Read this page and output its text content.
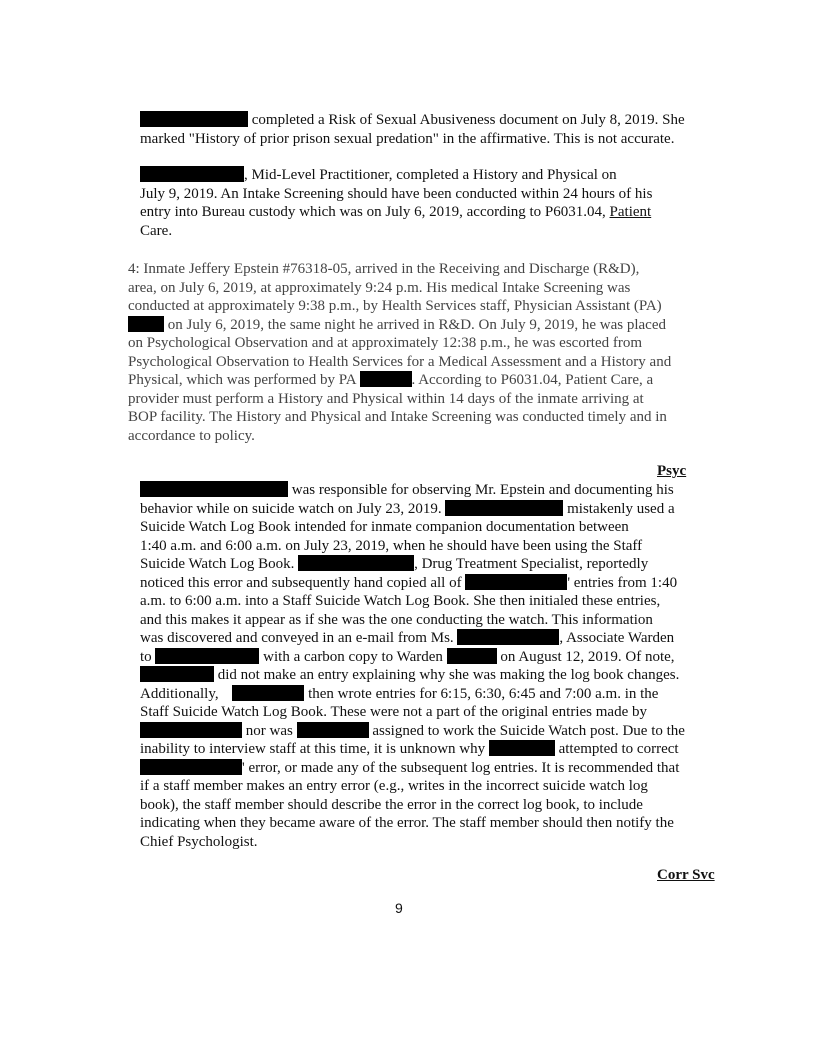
completed a Risk of Sexual Abusiveness document on July 8, 2019. She
marked "History of prior prison sexual predation" in the affirmative. This is not accurate.
, Mid-Level Practitioner, completed a History and Physical on
July 9, 2019. An Intake Screening should have been conducted within 24 hours of his
entry into Bureau custody which was on July 6, 2019, according to P6031.04, Patient
Care.
4: Inmate Jeffery Epstein #76318-05, arrived in the Receiving and Discharge (R&D),
area, on July 6, 2019, at approximately 9:24 p.m. His medical Intake Screening was
conducted at approximately 9:38 p.m., by Health Services staff, Physician Assistant (PA)
on July 6, 2019, the same night he arrived in R&D. On July 9, 2019, he was placed
on Psychological Observation and at approximately 12:38 p.m., he was escorted from
Psychological Observation to Health Services for a Medical Assessment and a History and
Physical, which was performed by PA	. According to P6031.04, Patient Care, a
provider must perform a History and Physical within 14 days of the inmate arriving at
BOP facility. The History and Physical and Intake Screening was conducted timely and in
accordance to policy.
Psyc
was responsible for observing Mr. Epstein and documenting his
behavior while on suicide watch on July 23, 2019.	mistakenly used a
Suicide Watch Log Book intended for inmate companion documentation between
1:40 a.m. and 6:00 a.m. on July 23, 2019, when he should have been using the Staff
Suicide Watch Log Book.	, Drug Treatment Specialist, reportedly
noticed this error and subsequently hand copied all of	' entries from 1:40
a.m. to 6:00 a.m. into a Staff Suicide Watch Log Book. She then initialed these entries,
and this makes it appear as if she was the one conducting the watch. This information
was discovered and conveyed in an e-mail from Ms.	, Associate Warden
to	with a carbon copy to Warden	on August 12, 2019. Of note,
did not make an entry explaining why she was making the log book changes.
Additionally,	then wrote entries for 6:15, 6:30, 6:45 and 7:00 a.m. in the
Staff Suicide Watch Log Book. These were not a part of the original entries made by
nor was	assigned to work the Suicide Watch post. Due to the
inability to interview staff at this time, it is unknown why	attempted to correct
' error, or made any of the subsequent log entries. It is recommended that
if a staff member makes an entry error (e.g., writes in the incorrect suicide watch log
book), the staff member should describe the error in the correct log book, to include
indicating when they became aware of the error. The staff member should then notify the
Chief Psychologist.
Corr Svc
9
